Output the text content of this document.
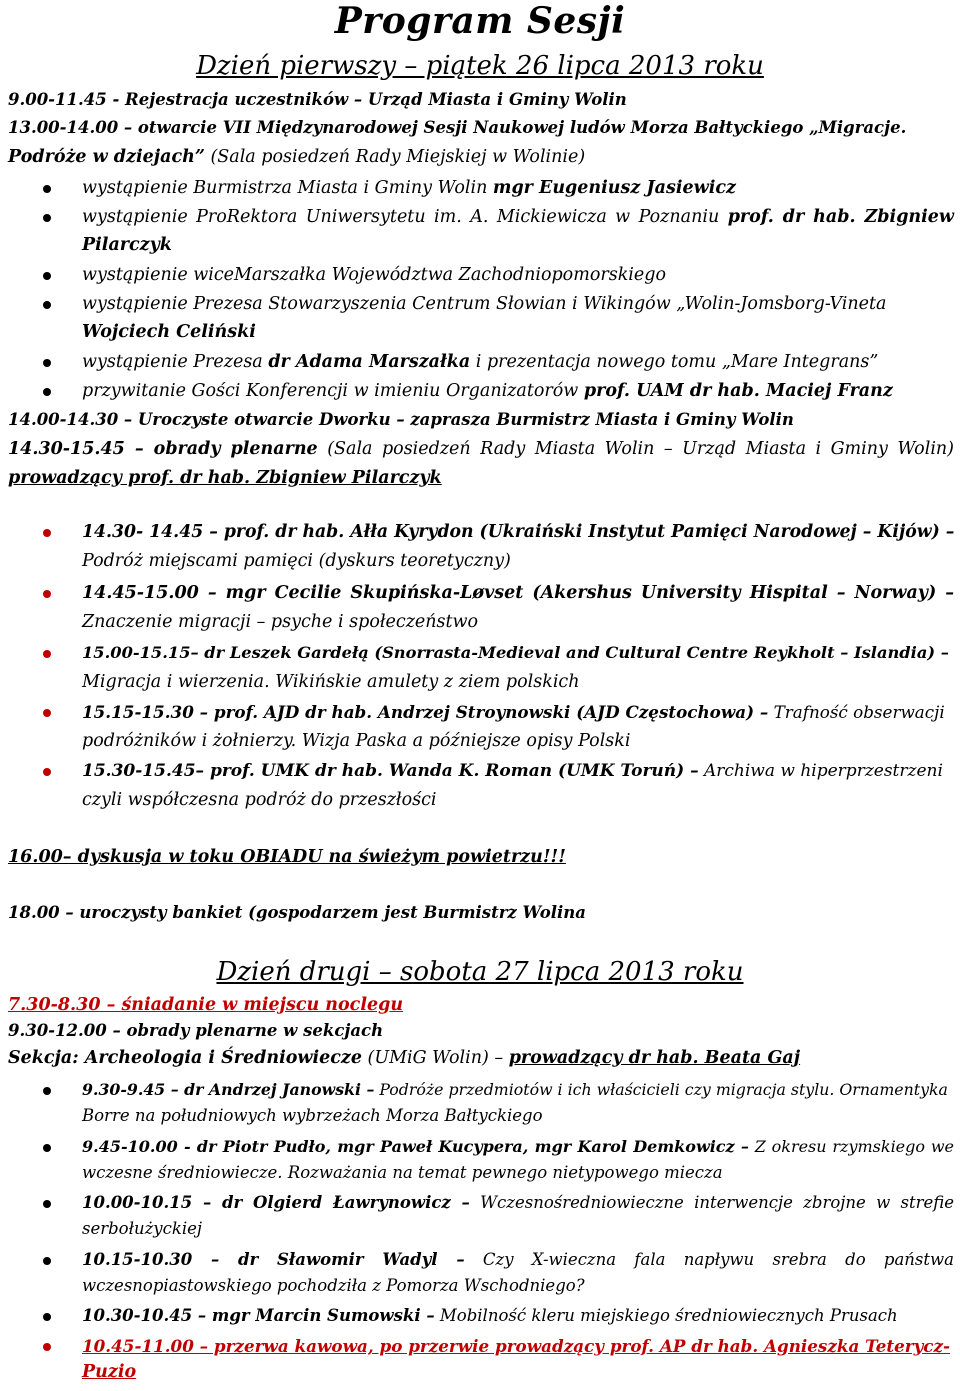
Program Sesji
Dzień pierwszy – piątek 26 lipca 2013 roku
9.00-11.45 - Rejestracja uczestników – Urząd Miasta i Gminy Wolin
13.00-14.00 – otwarcie VII Międzynarodowej Sesji Naukowej ludów Morza Bałtyckiego „Migracje.
Podróże w dziejach” (Sala posiedzeń Rady Miejskiej w Wolinie)
wystąpienie Burmistrza Miasta i Gminy Wolin mgr Eugeniusz Jasiewicz
wystąpienie ProRektora Uniwersytetu im. A. Mickiewicza w Poznaniu prof. dr hab. Zbigniew
Pilarczyk
wystąpienie wiceMarszałka Województwa Zachodniopomorskiego
wystąpienie Prezesa Stowarzyszenia Centrum Słowian i Wikingów „Wolin-Jomsborg-Vineta
Wojciech Celiński
wystąpienie Prezesa dr Adama Marszałka i prezentacja nowego tomu „Mare Integrans”
przywitanie Gości Konferencji w imieniu Organizatorów prof. UAM dr hab. Maciej Franz
14.00-14.30 – Uroczyste otwarcie Dworku – zaprasza Burmistrz Miasta i Gminy Wolin
14.30-15.45 – obrady plenarne (Sala posiedzeń Rady Miasta Wolin – Urząd Miasta i Gminy Wolin)
prowadzący prof. dr hab. Zbigniew Pilarczyk
14.30- 14.45 – prof. dr hab. Ałła Kyrydon (Ukraiński Instytut Pamięci Narodowej – Kijów) –
Podróż miejscami pamięci (dyskurs teoretyczny)
14.45-15.00 – mgr Cecilie Skupińska-Løvset (Akershus University Hispital – Norway) –
Znaczenie migracji – psyche i społeczeństwo
15.00-15.15– dr Leszek Gardełą (Snorrasta-Medieval and Cultural Centre Reykholt – Islandia) –
Migracja i wierzenia. Wikińskie amulety z ziem polskich
15.15-15.30 – prof. AJD dr hab. Andrzej Stroynowski (AJD Częstochowa) – Trafność obserwacji
podróżników i żołnierzy. Wizja Paska a późniejsze opisy Polski
15.30-15.45– prof. UMK dr hab. Wanda K. Roman (UMK Toruń) – Archiwa w hiperprzestrzeni
czyli współczesna podróż do przeszłości
16.00– dyskusja w toku OBIADU na świeżym powietrzu!!!
18.00 – uroczysty bankiet (gospodarzem jest Burmistrz Wolina
Dzień drugi – sobota 27 lipca 2013 roku
7.30-8.30 – śniadanie w miejscu noclegu
9.30-12.00 – obrady plenarne w sekcjach
Sekcja: Archeologia i Średniowiecze (UMiG Wolin) – prowadzący dr hab. Beata Gaj
9.30-9.45 – dr Andrzej Janowski – Podróże przedmiotów i ich właścicieli czy migracja stylu. Ornamentyka
Borre na południowych wybrzeżach Morza Bałtyckiego
9.45-10.00 - dr Piotr Pudło, mgr Paweł Kucypera, mgr Karol Demkowicz – Z okresu rzymskiego we
wczesne średniowiecze. Rozważania na temat pewnego nietypowego miecza
10.00-10.15 – dr Olgierd Ławrynowicz – Wczesnośredniowieczne interwencje zbrojne w strefie
serbołużyckiej
10.15-10.30 – dr Sławomir Wadyl – Czy X-wieczna fala napływu srebra do państwa
wczesnopiastowskiego pochodziła z Pomorza Wschodniego?
10.30-10.45 – mgr Marcin Sumowski – Mobilność kleru miejskiego średniowiecznych Prusach
10.45-11.00 – przerwa kawowa, po przerwie prowadzący prof. AP dr hab. Agnieszka Teterycz-
Puzio
